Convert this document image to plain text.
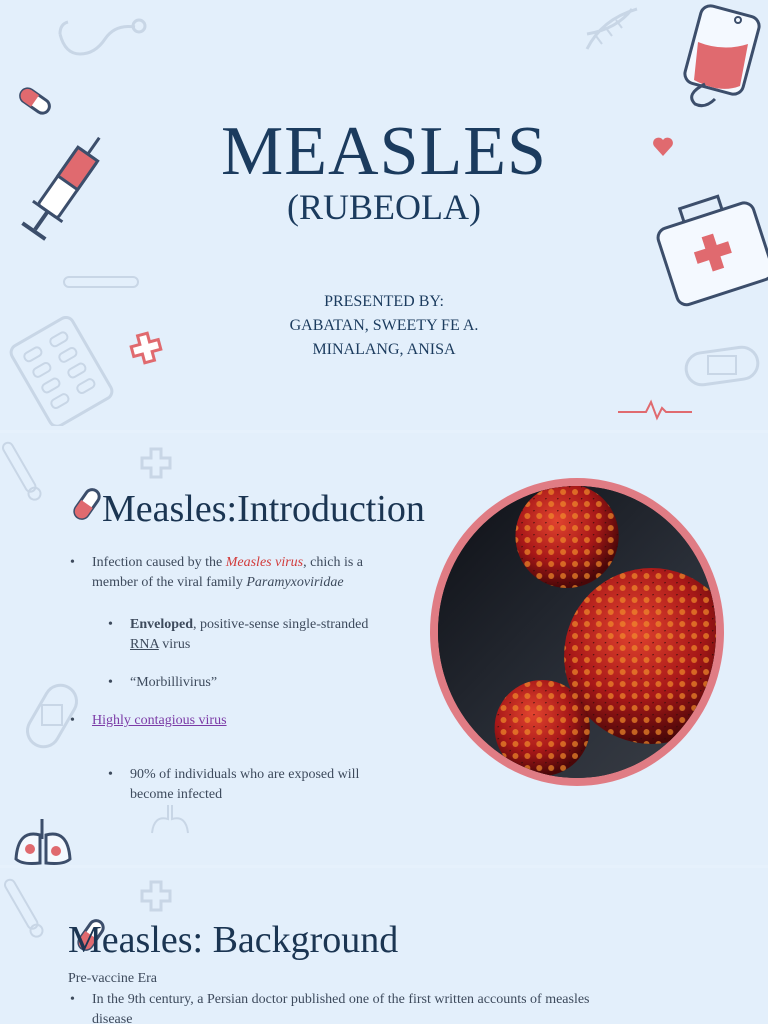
MEASLES
(RUBEOLA)
PRESENTED BY:
GABATAN, SWEETY FE A.
MINALANG, ANISA
Measles:Introduction
• Infection caused by the Measles virus, chich is a
member of the viral family Paramyxoviridae
• Enveloped, positive-sense single-stranded
RNA virus
• “Morbillivirus”
• Highly contagious virus
• 90% of individuals who are exposed will
become infected
Measles: Background
Pre-vaccine Era
• In the 9th century, a Persian doctor published one of the first written accounts of measles
disease
